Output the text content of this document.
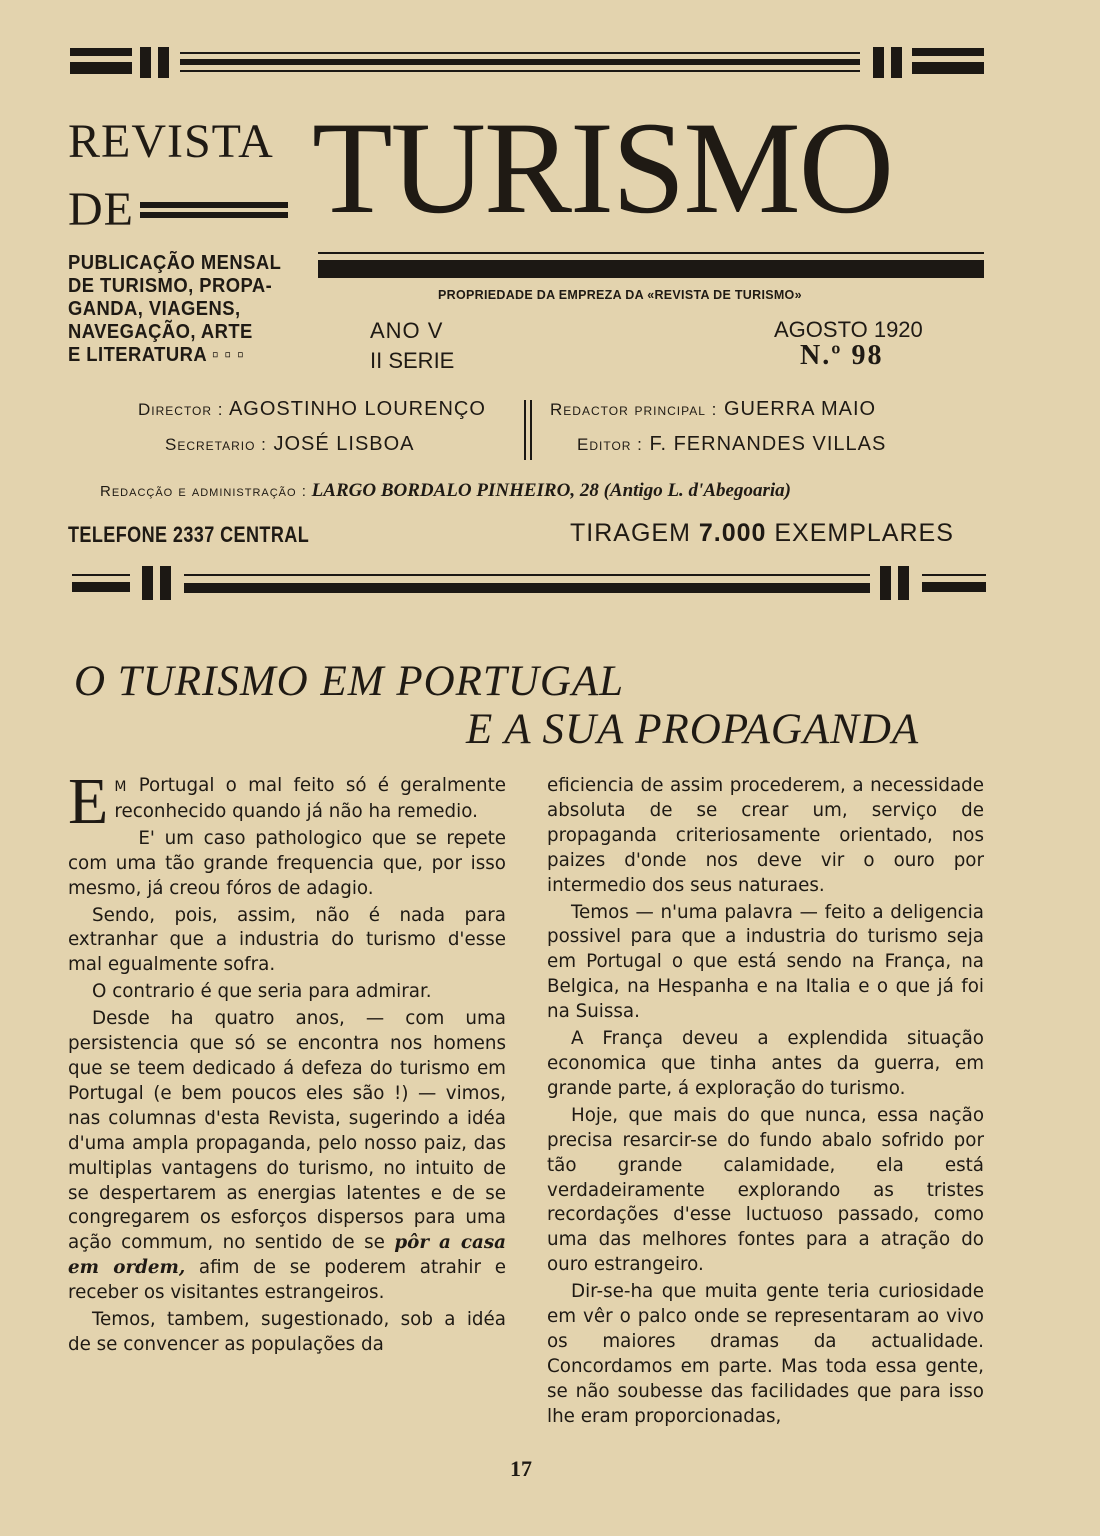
REVISTA
DE TURISMO
PUBLICAÇÃO MENSAL
DE TURISMO, PROPA-
GANDA, VIAGENS,
NAVEGAÇÃO, ARTE
E LITERATURA ▫ ▫ ▫
PROPRIEDADE DA EMPREZA DA «REVISTA DE TURISMO»
ANO V
II SERIE
AGOSTO 1920
N.º 98
Director : AGOSTINHO LOURENÇO
Secretario : JOSÉ LISBOA
Redactor principal : GUERRA MAIO
Editor : F. FERNANDES VILLAS
Redacção e administração : LARGO BORDALO PINHEIRO, 28 (Antigo L. d'Abegoaria)
TELEFONE 2337 CENTRAL	TIRAGEM 7.000 EXEMPLARES
O TURISMO EM PORTUGAL
E A SUA PROPAGANDA

E M Portugal o mal feito só é geralmente reconhecido quando já não ha remedio.

E' um caso pathologico que se repete com uma tão grande frequencia que, por isso mesmo, já creou fóros de adagio.

Sendo, pois, assim, não é nada para extranhar que a industria do turismo d'esse mal egualmente sofra.

O contrario é que seria para admirar.

Desde ha quatro anos, — com uma persistencia que só se encontra nos homens que se teem dedicado á defeza do turismo em Portugal (e bem poucos eles são !) — vimos, nas columnas d'esta Revista, sugerindo a idéa d'uma ampla propaganda, pelo nosso paiz, das multiplas vantagens do turismo, no intuito de se despertarem as energias latentes e de se congregarem os esforços dispersos para uma ação commum, no sentido de se pôr a casa em ordem, afim de se poderem atrahir e receber os visitantes estrangeiros.

Temos, tambem, sugestionado, sob a idéa de se convencer as populações da

eficiencia de assim procederem, a necessidade absoluta de se crear um, serviço de propaganda criteriosamente orientado, nos paizes d'onde nos deve vir o ouro por intermedio dos seus naturaes.

Temos — n'uma palavra — feito a deligencia possivel para que a industria do turismo seja em Portugal o que está sendo na França, na Belgica, na Hespanha e na Italia e o que já foi na Suissa.

A França deveu a explendida situação economica que tinha antes da guerra, em grande parte, á exploração do turismo.

Hoje, que mais do que nunca, essa nação precisa resarcir-se do fundo abalo sofrido por tão grande calamidade, ela está verdadeiramente explorando as tristes recordações d'esse luctuoso passado, como uma das melhores fontes para a atração do ouro estrangeiro.

Dir-se-ha que muita gente teria curiosidade em vêr o palco onde se representaram ao vivo os maiores dramas da actualidade. Concordamos em parte. Mas toda essa gente, se não soubesse das facilidades que para isso lhe eram proporcionadas,

17
